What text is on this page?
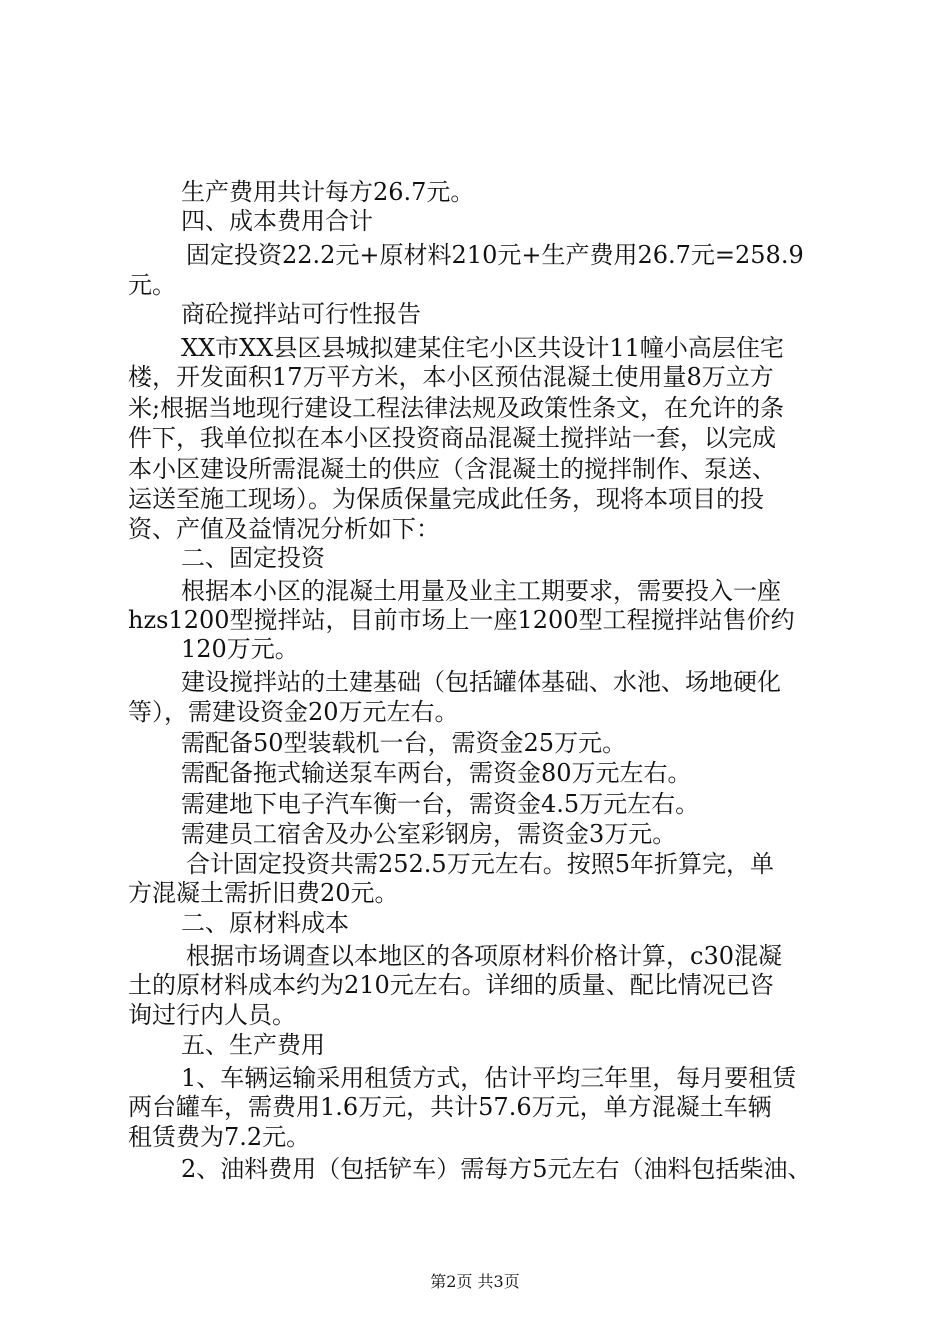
生产费用共计每方26.7元。
四、成本费用合计
固定投资22.2元+原材料210元+生产费用26.7元=258.9
元。
商砼搅拌站可行性报告
XX市XX县区县城拟建某住宅小区共设计11幢小高层住宅
楼，开发面积17万平方米，本小区预估混凝土使用量8万立方
米;根据当地现行建设工程法律法规及政策性条文，在允许的条
件下，我单位拟在本小区投资商品混凝土搅拌站一套，以完成
本小区建设所需混凝土的供应（含混凝土的搅拌制作、泵送、
运送至施工现场）。为保质保量完成此任务，现将本项目的投
资、产值及益情况分析如下：
二、固定投资
根据本小区的混凝土用量及业主工期要求，需要投入一座
hzs1200型搅拌站，目前市场上一座1200型工程搅拌站售价约
120万元。
建设搅拌站的土建基础（包括罐体基础、水池、场地硬化
等），需建设资金20万元左右。
需配备50型装载机一台，需资金25万元。
需配备拖式输送泵车两台，需资金80万元左右。
需建地下电子汽车衡一台，需资金4.5万元左右。
需建员工宿舍及办公室彩钢房，需资金3万元。
合计固定投资共需252.5万元左右。按照5年折算完，单
方混凝土需折旧费20元。
二、原材料成本
根据市场调查以本地区的各项原材料价格计算，c30混凝
土的原材料成本约为210元左右。详细的质量、配比情况已咨
询过行内人员。
五、生产费用
1、车辆运输采用租赁方式，估计平均三年里，每月要租赁
两台罐车，需费用1.6万元，共计57.6万元，单方混凝土车辆
租赁费为7.2元。
2、油料费用（包括铲车）需每方5元左右（油料包括柴油、
第2页 共3页
